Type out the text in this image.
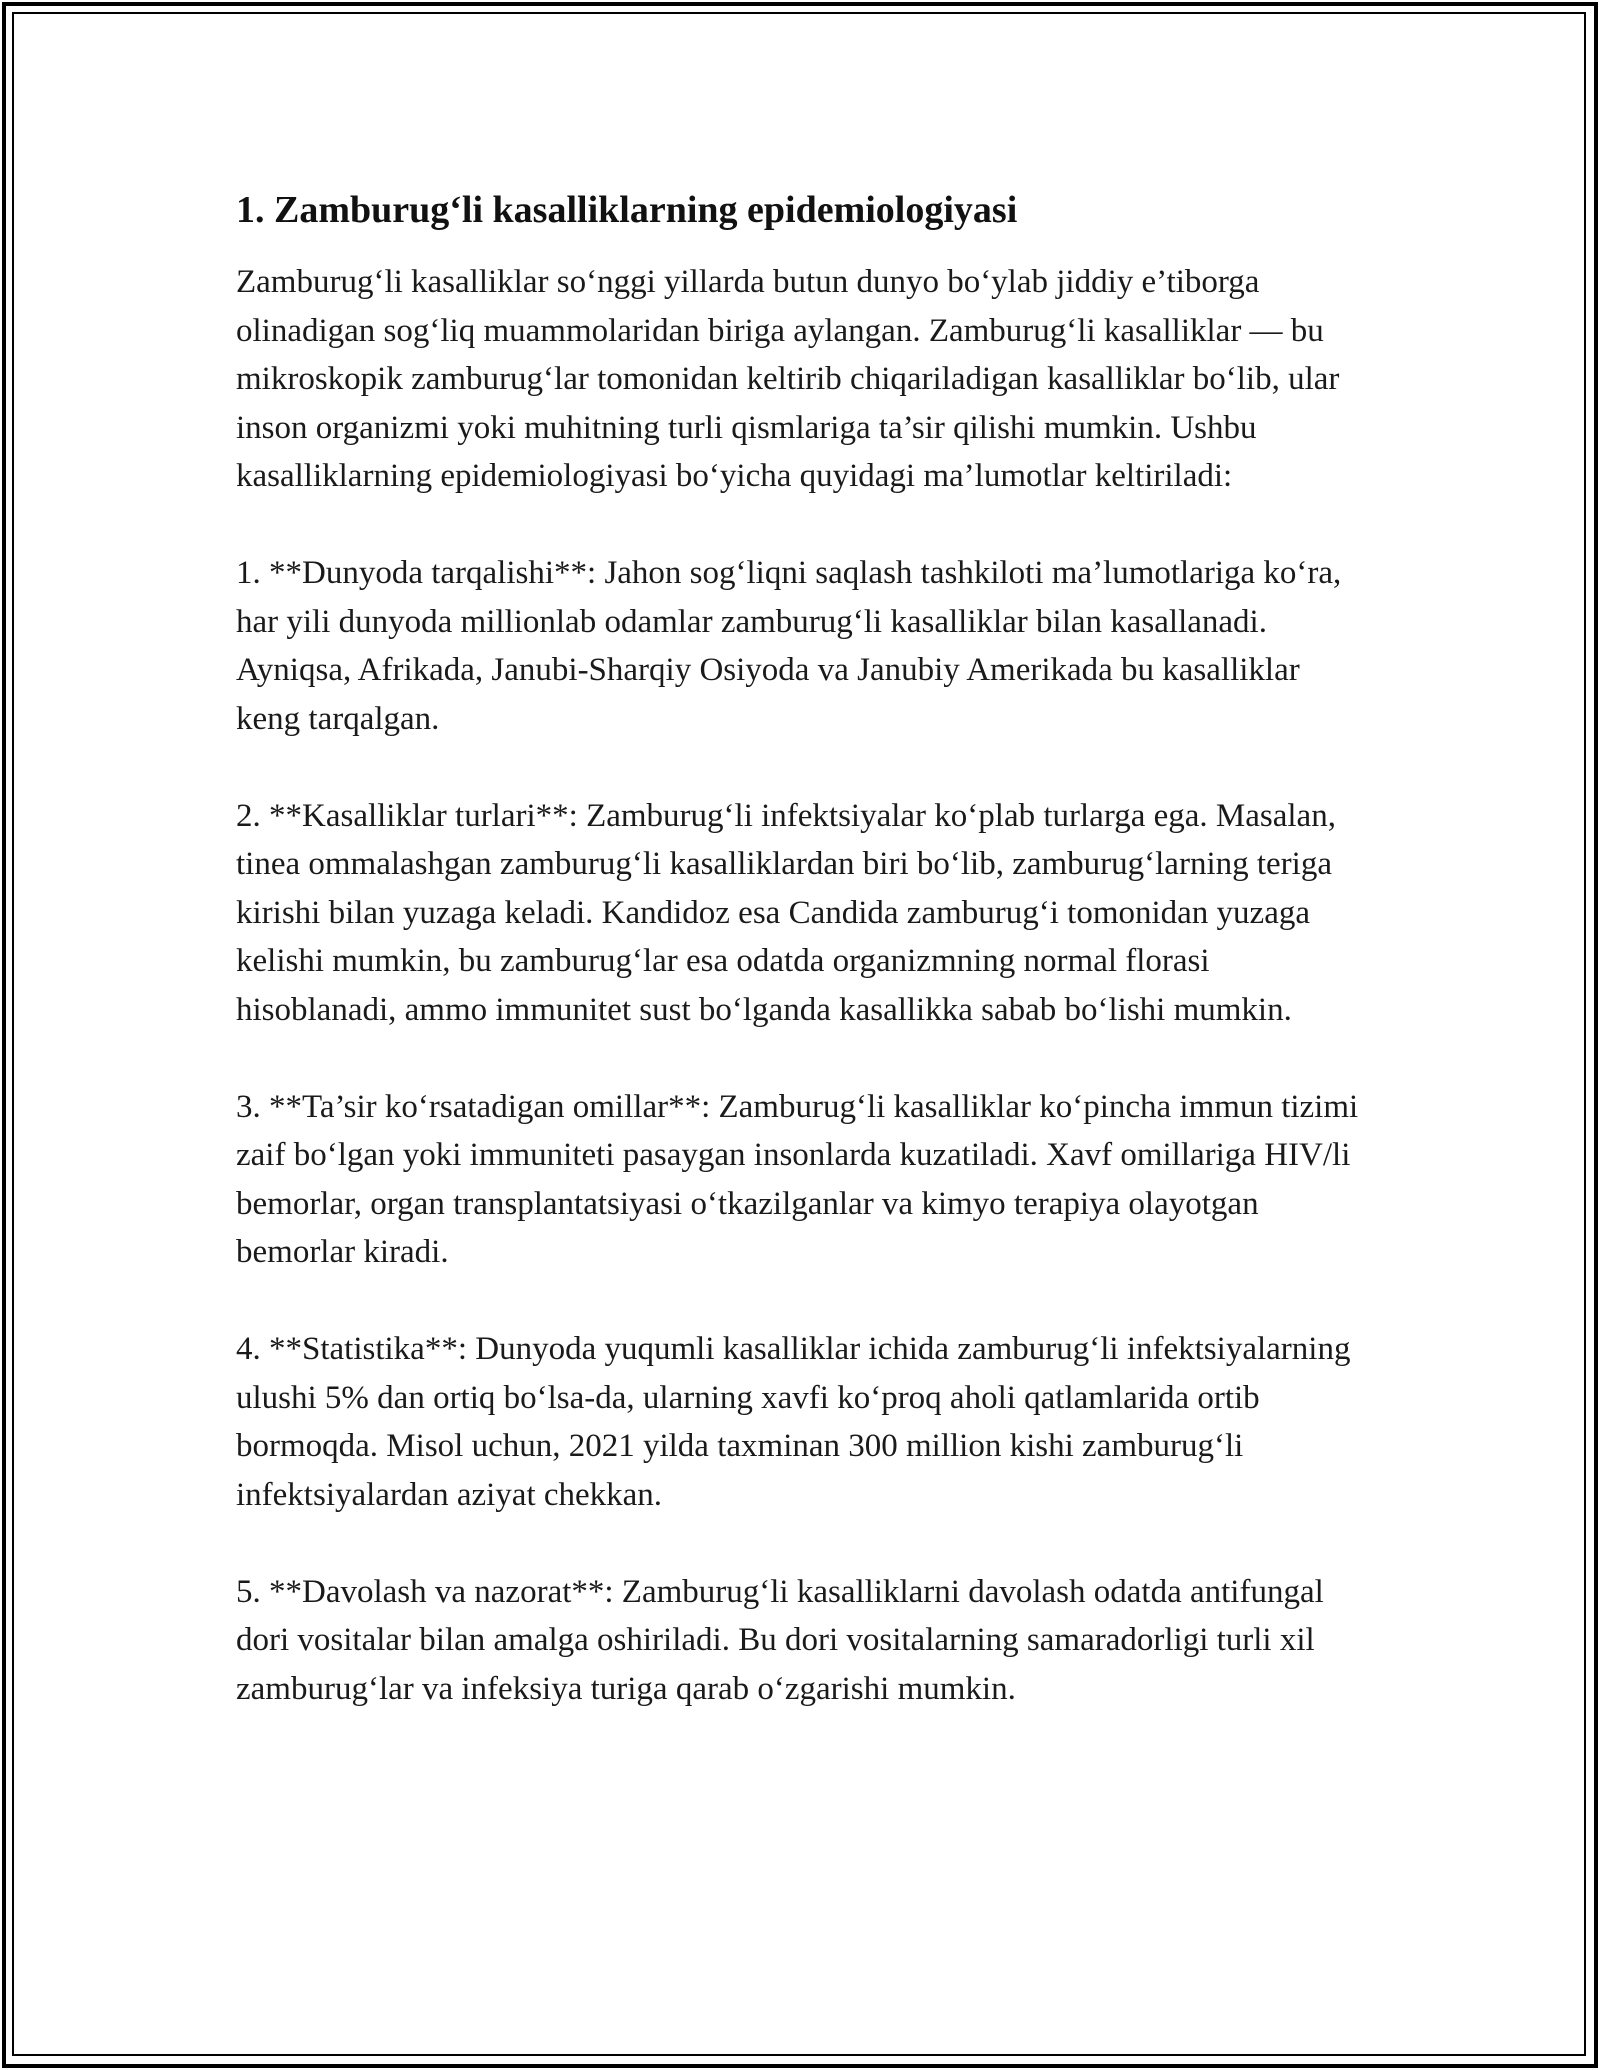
1. Zamburug‘li kasalliklarning epidemiologiyasi

Zamburug‘li kasalliklar so‘nggi yillarda butun dunyo bo‘ylab jiddiy e’tiborga olinadigan sog‘liq muammolaridan biriga aylangan. Zamburug‘li kasalliklar — bu mikroskopik zamburug‘lar tomonidan keltirib chiqariladigan kasalliklar bo‘lib, ular inson organizmi yoki muhitning turli qismlariga ta’sir qilishi mumkin. Ushbu kasalliklarning epidemiologiyasi bo‘yicha quyidagi ma’lumotlar keltiriladi:

1. **Dunyoda tarqalishi**: Jahon sog‘liqni saqlash tashkiloti ma’lumotlariga ko‘ra, har yili dunyoda millionlab odamlar zamburug‘li kasalliklar bilan kasallanadi. Ayniqsa, Afrikada, Janubi-Sharqiy Osiyoda va Janubiy Amerikada bu kasalliklar keng tarqalgan.

2. **Kasalliklar turlari**: Zamburug‘li infektsiyalar ko‘plab turlarga ega. Masalan, tinea ommalashgan zamburug‘li kasalliklardan biri bo‘lib, zamburug‘larning teriga kirishi bilan yuzaga keladi. Kandidoz esa Candida zamburug‘i tomonidan yuzaga kelishi mumkin, bu zamburug‘lar esa odatda organizmning normal florasi hisoblanadi, ammo immunitet sust bo‘lganda kasallikka sabab bo‘lishi mumkin.

3. **Ta’sir ko‘rsatadigan omillar**: Zamburug‘li kasalliklar ko‘pincha immun tizimi zaif bo‘lgan yoki immuniteti pasaygan insonlarda kuzatiladi. Xavf omillariga HIV/li bemorlar, organ transplantatsiyasi o‘tkazilganlar va kimyo terapiya olayotgan bemorlar kiradi.

4. **Statistika**: Dunyoda yuqumli kasalliklar ichida zamburug‘li infektsiyalarning ulushi 5% dan ortiq bo‘lsa-da, ularning xavfi ko‘proq aholi qatlamlarida ortib bormoqda. Misol uchun, 2021 yilda taxminan 300 million kishi zamburug‘li infektsiyalardan aziyat chekkan.

5. **Davolash va nazorat**: Zamburug‘li kasalliklarni davolash odatda antifungal dori vositalar bilan amalga oshiriladi. Bu dori vositalarning samaradorligi turli xil zamburug‘lar va infeksiya turiga qarab o‘zgarishi mumkin.
